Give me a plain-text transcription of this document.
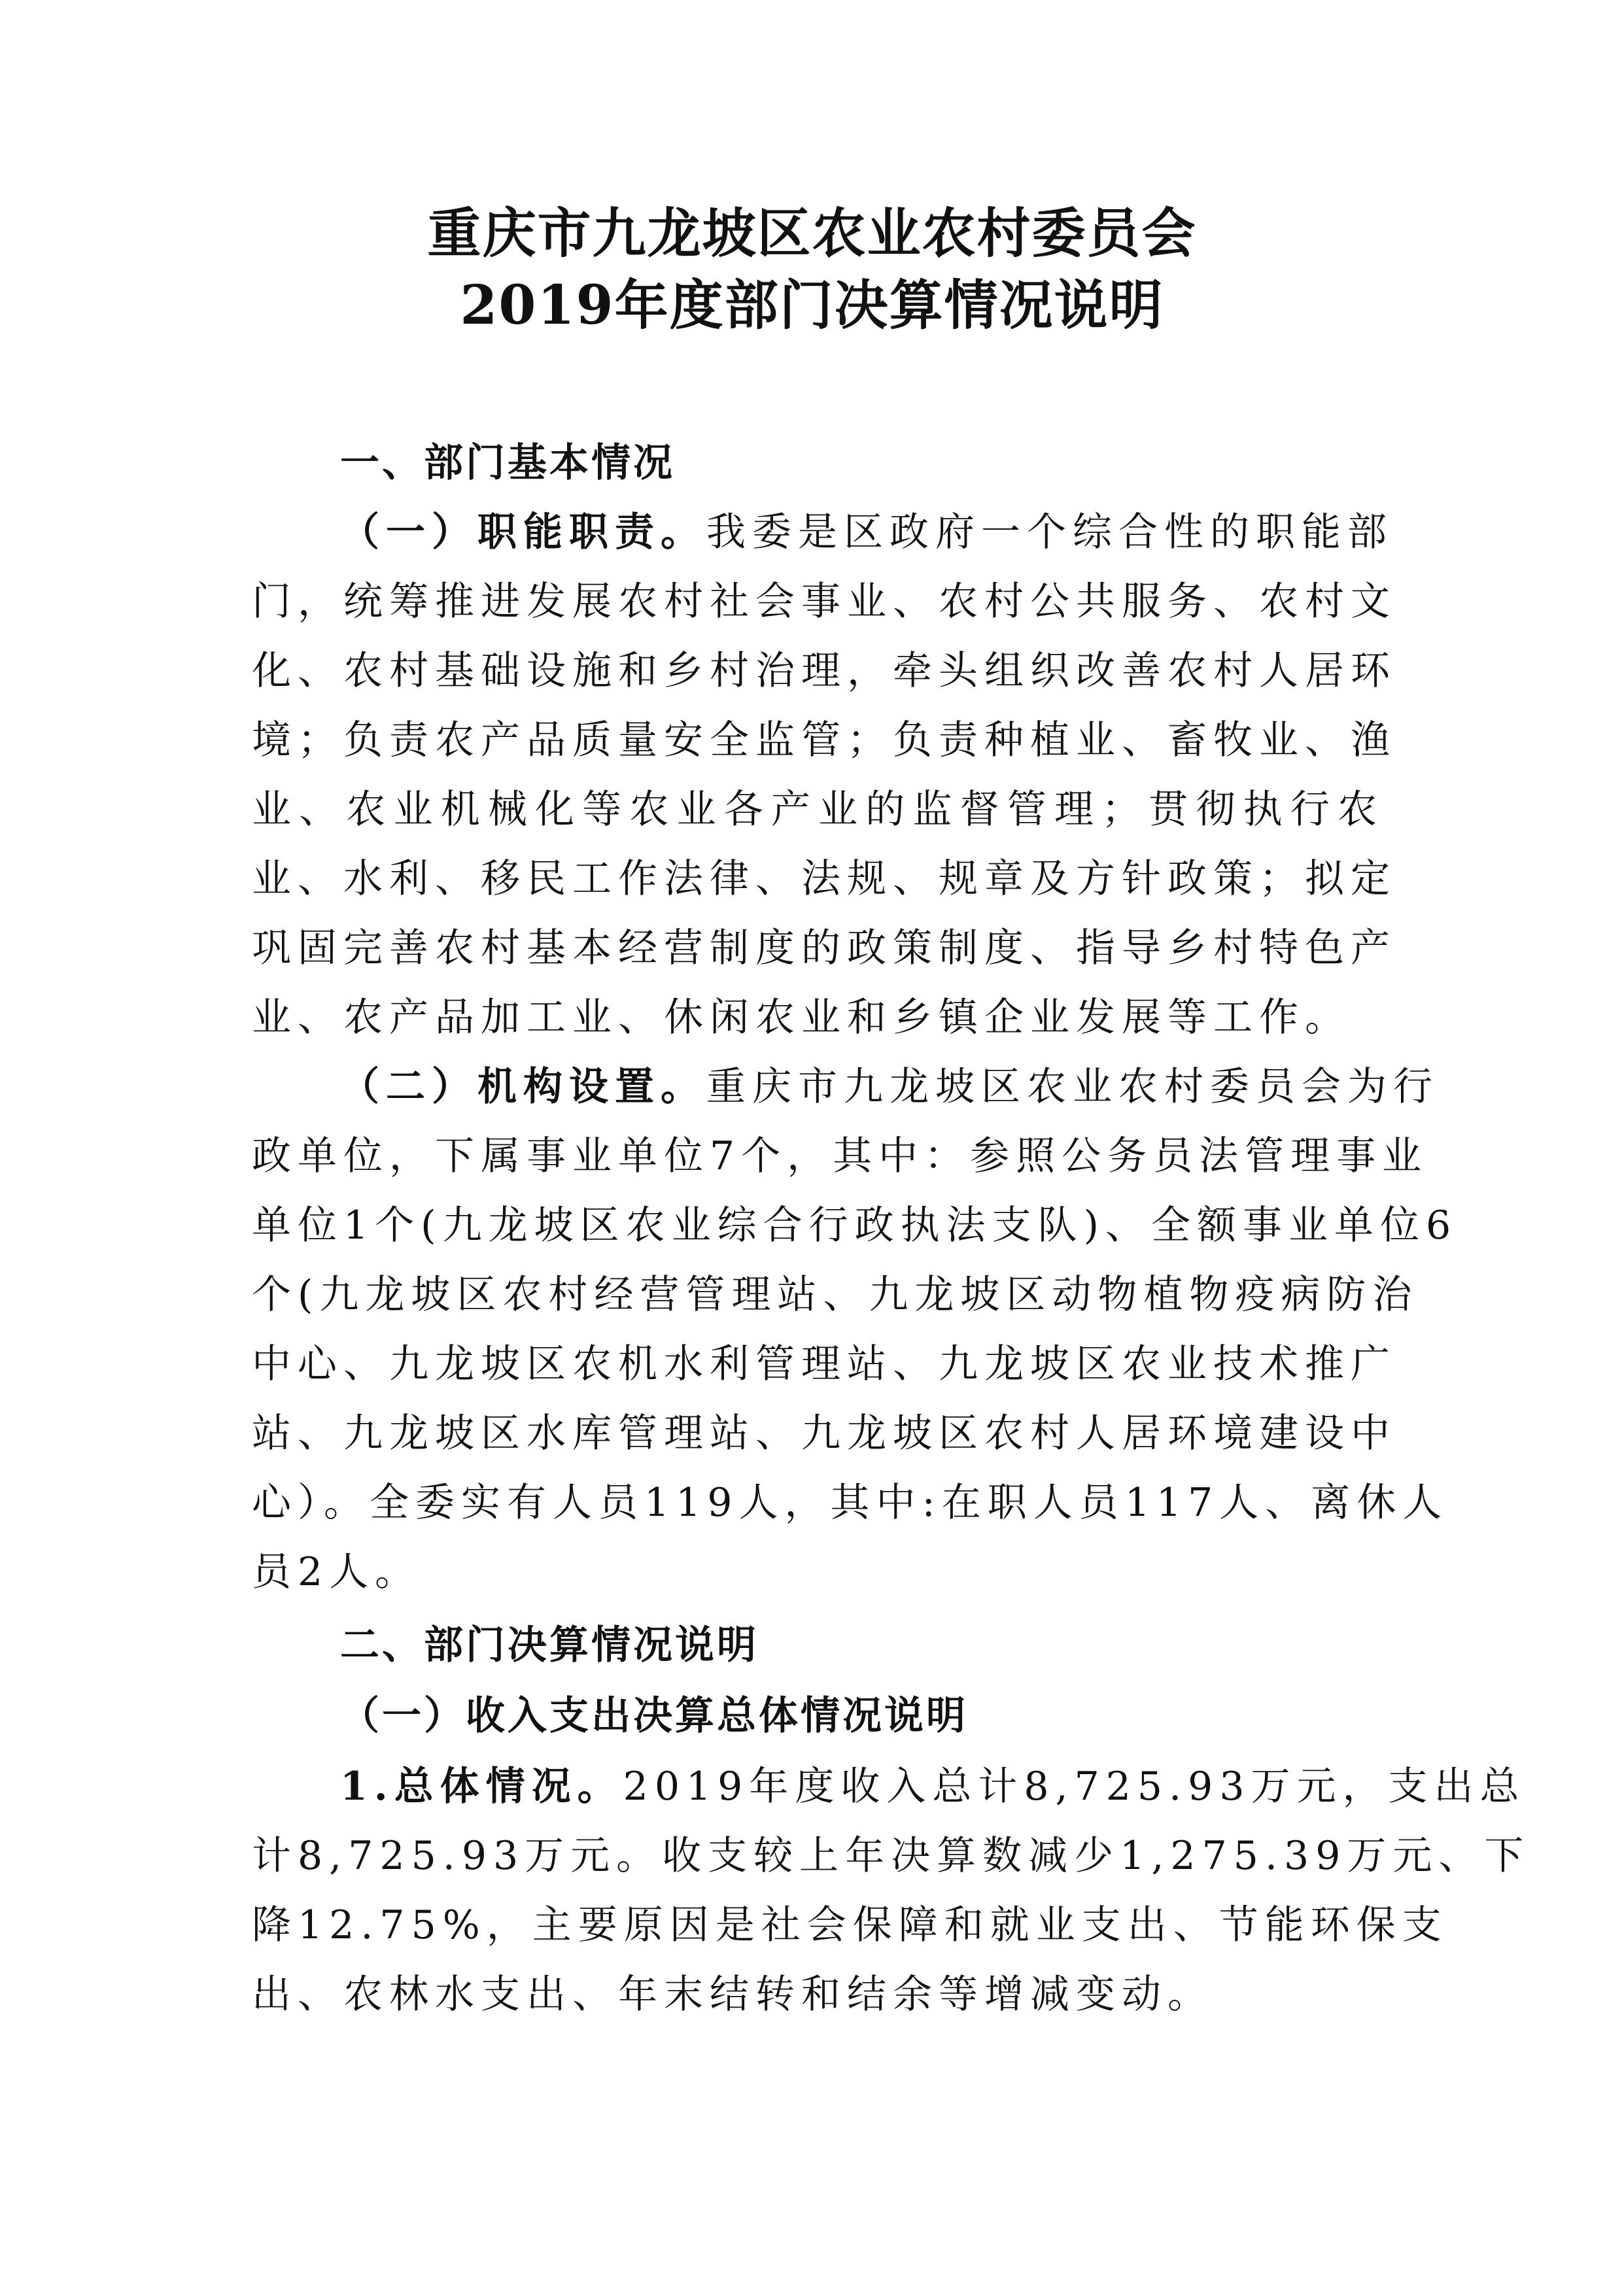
重庆市九龙坡区农业农村委员会
2019年度部门决算情况说明
一、部门基本情况
（一）职能职责。我委是区政府一个综合性的职能部
门，统筹推进发展农村社会事业、农村公共服务、农村文
化、农村基础设施和乡村治理，牵头组织改善农村人居环
境；负责农产品质量安全监管；负责种植业、畜牧业、渔
业、农业机械化等农业各产业的监督管理；贯彻执行农
业、水利、移民工作法律、法规、规章及方针政策；拟定
巩固完善农村基本经营制度的政策制度、指导乡村特色产
业、农产品加工业、休闲农业和乡镇企业发展等工作。
（二）机构设置。重庆市九龙坡区农业农村委员会为行
政单位，下属事业单位7个，其中：参照公务员法管理事业
单位1个(九龙坡区农业综合行政执法支队)、全额事业单位6
个(九龙坡区农村经营管理站、九龙坡区动物植物疫病防治
中心、九龙坡区农机水利管理站、九龙坡区农业技术推广
站、九龙坡区水库管理站、九龙坡区农村人居环境建设中
心）。全委实有人员119人，其中:在职人员117人、离休人
员2人。
二、部门决算情况说明
（一）收入支出决算总体情况说明
1.总体情况。2019年度收入总计8,725.93万元，支出总
计8,725.93万元。收支较上年决算数减少1,275.39万元、下
降12.75%，主要原因是社会保障和就业支出、节能环保支
出、农林水支出、年末结转和结余等增减变动。
